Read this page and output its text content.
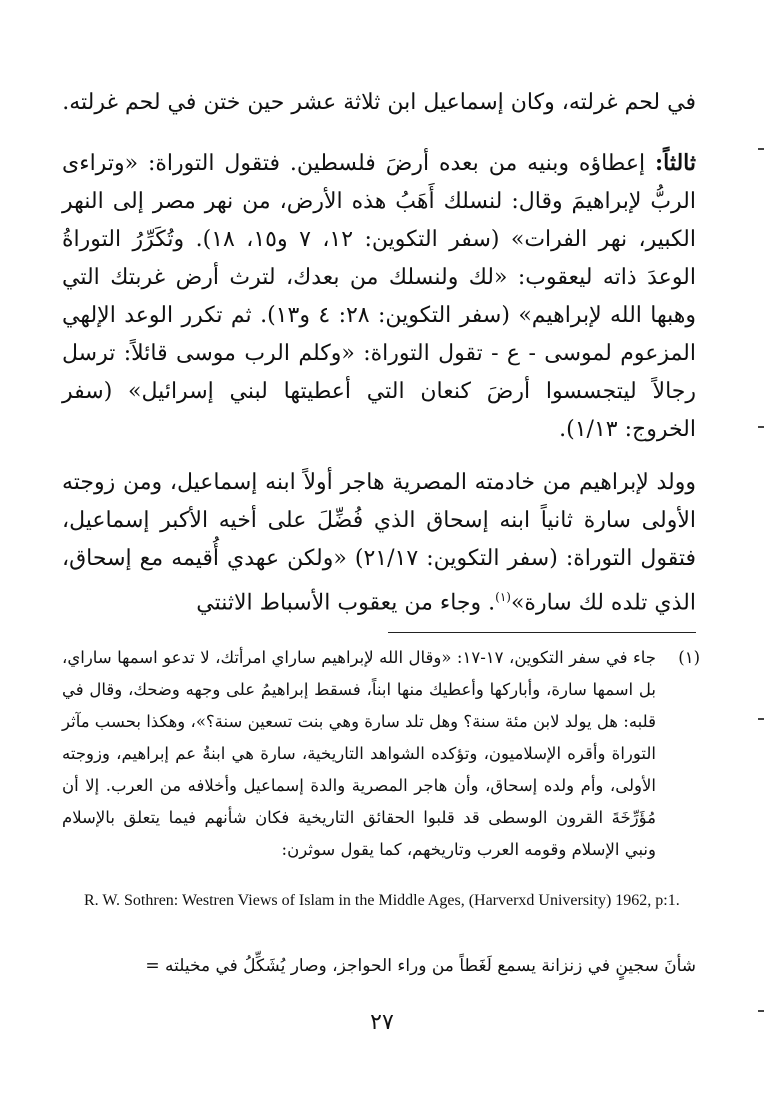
في لحم غرلته، وكان إسماعيل ابن ثلاثة عشر حين ختن في لحم غرلته.

ثالثاً: إعطاؤه وبنيه من بعده أرضَ فلسطين. فتقول التوراة: «وتراءى الربُّ لإبراهيمَ وقال: لنسلك أَهَبُ هذه الأرض، من نهر مصر إلى النهر الكبير، نهر الفرات» (سفر التكوين: ١٢، ٧ و١٥، ١٨). وتُكَرِّرُ التوراةُ الوعدَ ذاته ليعقوب: «لك ولنسلك من بعدك، لترث أرض غربتك التي وهبها الله لإبراهيم» (سفر التكوين: ٢٨: ٤ و١٣). ثم تكرر الوعد الإلهي المزعوم لموسى - ع - تقول التوراة: «وكلم الرب موسى قائلاً: ترسل رجالاً ليتجسسوا أرضَ كنعان التي أعطيتها لبني إسرائيل» (سفر الخروج: ١/١٣).

وولد لإبراهيم من خادمته المصرية هاجر أولاً ابنه إسماعيل، ومن زوجته الأولى سارة ثانياً ابنه إسحاق الذي فُضِّلَ على أخيه الأكبر إسماعيل، فتقول التوراة: (سفر التكوين: ٢١/١٧) «ولكن عهدي أُقيمه مع إسحاق، الذي تلده لك سارة»$^{(١)}$. وجاء من يعقوب الأسباط الاثنتي

(١)
جاء في سفر التكوين، ١٧-١٧: «وقال الله لإبراهيم ساراي امرأتك، لا تدعو اسمها ساراي، بل اسمها سارة، وأباركها وأعطيك منها ابناً، فسقط إبراهيمُ على وجهه وضحك، وقال في قلبه: هل يولد لابن مئة سنة؟ وهل تلد سارة وهي بنت تسعين سنة؟»، وهكذا بحسب مآثر التوراة وأقره الإسلاميون، وتؤكده الشواهد التاريخية، سارة هي ابنةُ عم إبراهيم، وزوجته الأولى، وأم ولده إسحاق، وأن هاجر المصرية والدة إسماعيل وأخلافه من العرب. إلا أن مُؤَرِّخَةَ القرون الوسطى قد قلبوا الحقائق التاريخية فكان شأنهم فيما يتعلق بالإسلام ونبي الإسلام وقومه العرب وتاريخهم، كما يقول سوثرن:

R. W. Sothren: Westren Views of Islam in the Middle Ages, (Harverxd University) 1962, p:1.

شأنَ سجينٍ في زنزانة يسمع لَغَطاً من وراء الحواجز، وصار يُشَكِّلُ في مخيلته =

٢٧
